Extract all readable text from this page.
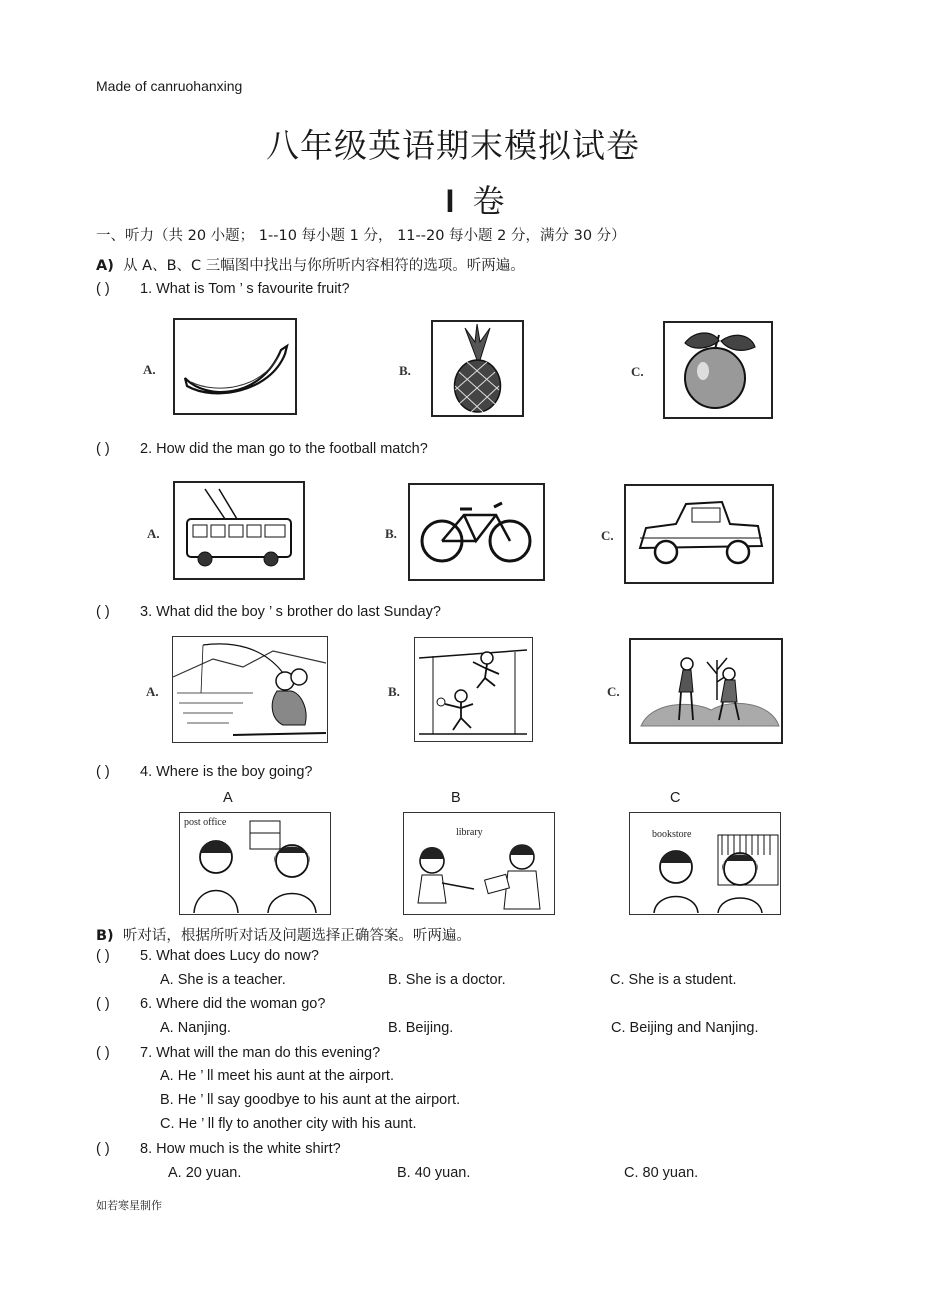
Made of canruohanxing
八年级英语期末模拟试卷
I 卷
一、听力（共 20 小题； 1--10 每小题 1 分， 11--20 每小题 2 分，满分 30 分）
A) 从 A、B、C 三幅图中找出与你所听内容相符的选项。听两遍。
( ) 1. What is Tom ’ s favourite fruit?
A.	B.	C.
( ) 2. How did the man go to the football match?
A.	B.	C.
( ) 3. What did the boy ’ s brother do last Sunday?
A.	B.	C.
( ) 4. Where is the boy going?
A	B	C
post office
library	bookstore
B) 听对话，根据所听对话及问题选择正确答案。听两遍。
( ) 5. What does Lucy do now?
A. She is a teacher.	B. She is a doctor.	C. She is a student.
( ) 6. Where did the woman go?
A. Nanjing.	B. Beijing.	C. Beijing and Nanjing.
( ) 7. What will the man do this evening?
A. He ’ ll meet his aunt at the airport.
B. He ’ ll say goodbye to his aunt at the airport.
C. He ’ ll fly to another city with his aunt.
( ) 8. How much is the white shirt?
A. 20 yuan.	B. 40 yuan.	C. 80 yuan.
如若寒星制作
